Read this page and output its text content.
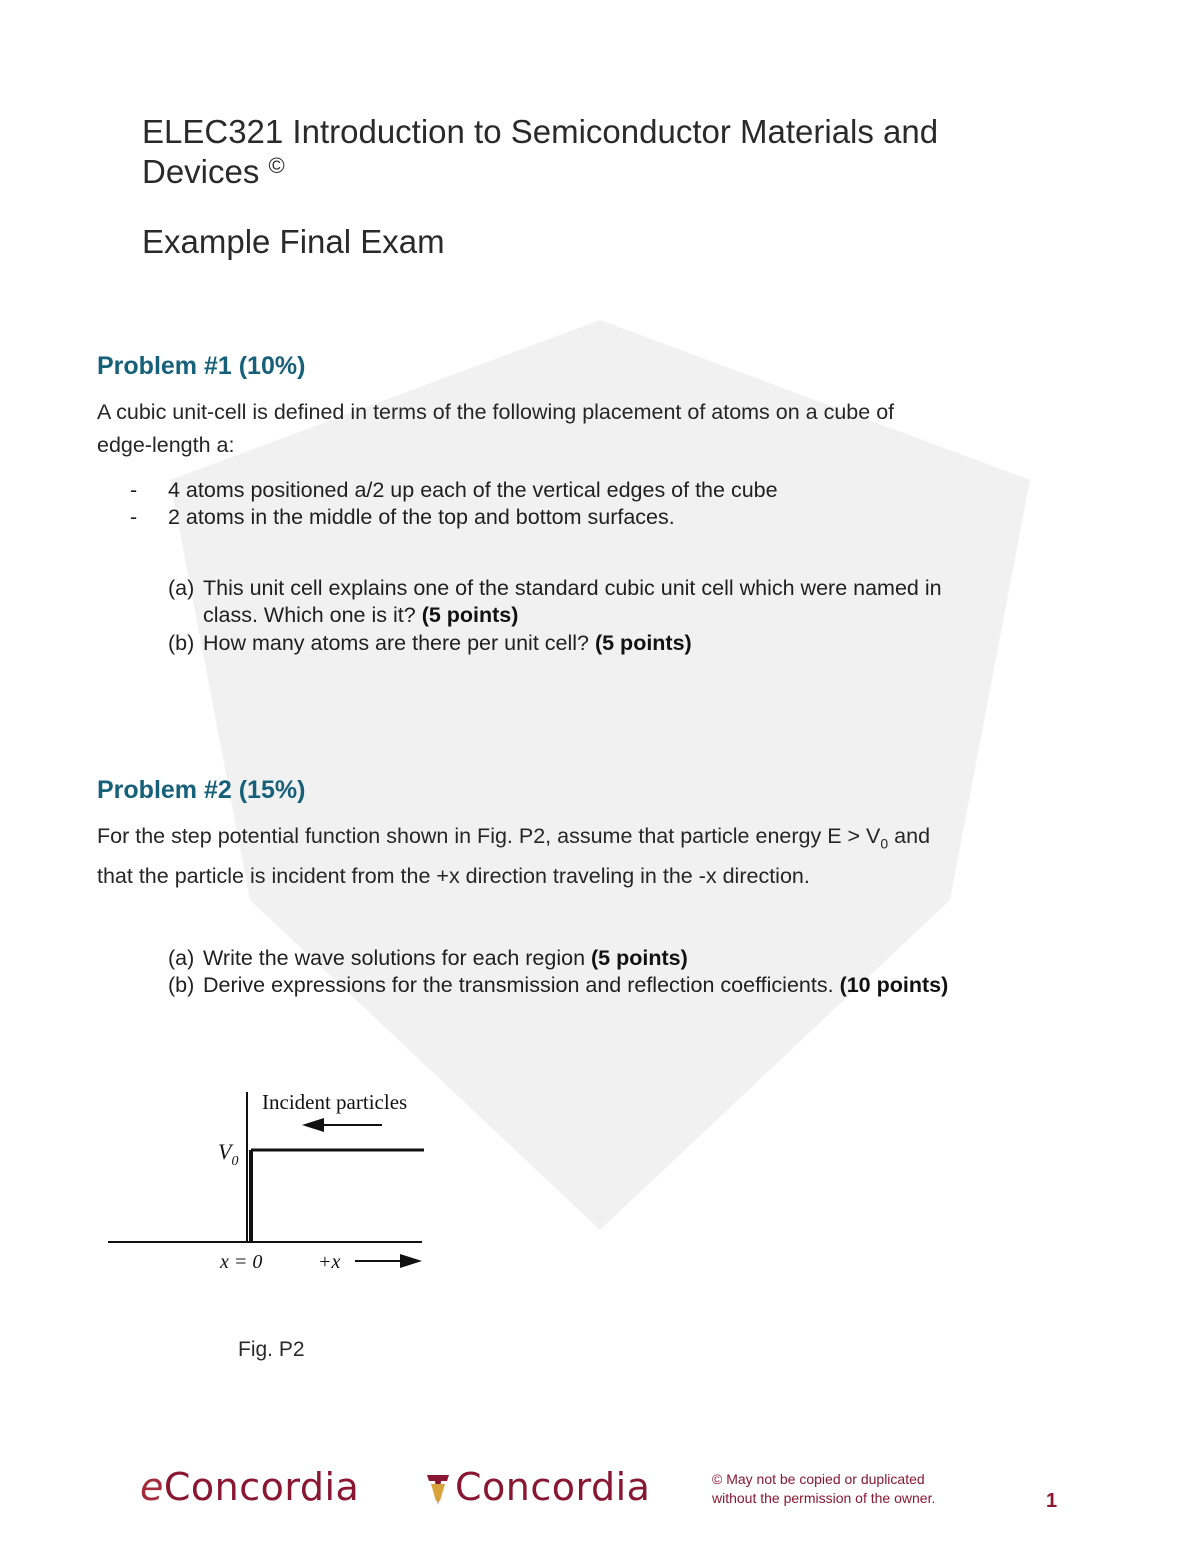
ELEC321 Introduction to Semiconductor Materials and
Devices ©
Example Final Exam
Problem #1 (10%)
A cubic unit-cell is defined in terms of the following placement of atoms on a cube of
edge-length a:
- 4 atoms positioned a/2 up each of the vertical edges of the cube
- 2 atoms in the middle of the top and bottom surfaces.
(a) This unit cell explains one of the standard cubic unit cell which were named in
class. Which one is it? (5 points)
(b) How many atoms are there per unit cell? (5 points)
Problem #2 (15%)
For the step potential function shown in Fig. P2, assume that particle energy $E > V_0$ and
that the particle is incident from the +x direction traveling in the -x direction.
(a) Write the wave solutions for each region (5 points)
(b) Derive expressions for the transmission and reflection coefficients. (10 points)
Incident particles
$V_0$
x = 0	+x
Fig. P2
eConcordia	Concordia	© May not be copied or duplicated
without the permission of the owner.	1
